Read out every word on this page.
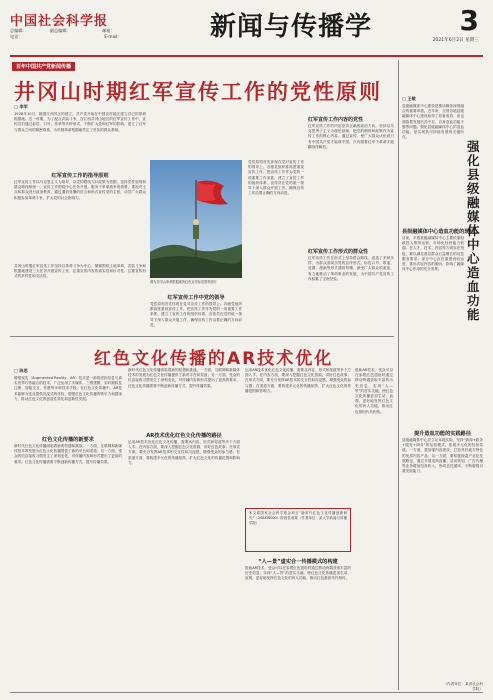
中国社会科学报
总编辑：　　　　　　副总编辑：　　　　　　　　邮箱：
电话：　　　　　　　　　　　　　　　　　　　　E-mail:	新闻与传播学	3
2021年6月2日 星期三
百年中国共产党新闻传播
井冈山时期红军宣传工作的党性原则
□ 李军
1928年10月，随着江西苏区的建立，共产党开始在中国农村地区建立自己的革命根据地。这一时期，为了配合武装斗争，在江西井冈山地区的红军宣传工作中，宣传员们通过标语、口号、传单等多种形式，不断扩大党和红军的影响，建立了红军与群众之间的紧密联系，为巩固革命根据地奠定了坚实的群众基础。
红军宣传工作的指导原则
红军宣传工作以马克思主义为指导，以党的路线方针政策为依据，坚持党性原则和群众路线相统一。宣传工作围绕中心任务开展，服务于革命战争的需要，重视对士兵和群众进行政治教育，通过通俗易懂的语言和形式宣传党的主张，动员广大群众积极参加革命斗争，扩大党的社会影响力。
井冈山时期红军宣传工作坚持以革命斗争为中心，紧紧围绕土地革命、武装斗争和根据地建设三大任务开展宣传工作，注重宣传内容的真实性和针对性，注重宣传形式的多样性和灵活性。
图为井冈山革命根据地的红色宣传标语资料照片
党性原则首先体现在党对宣传工作的领导上。各级党组织都高度重视宣传工作，把宣传工作作为党的一项重要工作来抓，建立了宣传工作的组织体系，宣传员在党的统一领导下深入群众开展工作，确保宣传工作沿着正确的方向前进。
红军宣传工作中党的领导
党性原则首先体现在党对宣传工作的领导上。各级党组织都高度重视宣传工作，把宣传工作作为党的一项重要工作来抓，建立了宣传工作的组织体系，宣传员在党的统一领导下深入群众开展工作，确保宣传工作沿着正确的方向前进。
红军宣传工作内容的党性
红军宣传工作的内容坚持正确的政治方向，坚持以马克思列宁主义为理论基础，把党的纲领和政策作为宣传工作的核心内容。通过宣传，使广大群众认识到只有中国共产党才能救中国，只有跟着红军干革命才能翻身得解放。
红军宣传工作形式的群众性
红军宣传工作在形式上坚持群众路线，创造了多种多样、为群众喜闻乐见的宣传形式。标语口号、歌谣、戏剧、漫画等形式通俗易懂，深受广大群众的欢迎，有力地推动了革命事业的发展，为中国共产党宣传工作积累了宝贵经验。
红色文化传播的AR技术优化
□ 陈思
增强现实（Augmented Reality，AR）技术是一种将虚拟信息与真实世界巧妙融合的技术，广泛运用了多媒体、三维建模、实时跟踪及注册、智能交互、传感等多种技术手段。在红色文化传播中，AR技术能够为受众提供沉浸式的体验，增强红色文化传播的吸引力和感染力，推动红色文化的创造性转化和创新性发展。
红色文化传播的新要求
新时代红色文化传播面临着新的机遇和挑战。一方面，互联网和新媒体技术的发展为红色文化传播提供了新的平台和渠道；另一方面，受众的信息接收习惯发生了深刻变化，对传播内容和形式提出了更高的要求。红色文化传播需要不断创新传播方式，提升传播效果。
新时代红色文化传播面临着新的机遇和挑战。一方面，互联网和新媒体技术的发展为红色文化传播提供了新的平台和渠道；另一方面，受众的信息接收习惯发生了深刻变化，对传播内容和形式提出了更高的要求。红色文化传播需要不断创新传播方式，提升传播效果。
AR技术优化红色文化传播的路径
运用AR技术优化红色文化传播，需要从内容、形式和渠道等多个方面入手。在内容方面，要深入挖掘红色文化资源，讲好红色故事；在形式方面，要充分发挥AR技术的交互性和沉浸感，增强受众的参与感；在渠道方面，要构建多元化的传播矩阵，扩大红色文化的传播范围和影响力。
运用AR技术优化红色文化传播，需要从内容、形式和渠道等多个方面入手。在内容方面，要深入挖掘红色文化资源，讲好红色故事；在形式方面，要充分发挥AR技术的交互性和沉浸感，增强受众的参与感；在渠道方面，要构建多元化的传播矩阵，扩大红色文化的传播范围和影响力。
本文系国家社会科学基金项目“新时代红色文化传播创新研究”（20BXW000）阶段性成果（作者单位：某大学新闻与传播学院）
“人—景”虚实合一传播模式的构建
借助AR技术，受众可以在参观红色遗址时通过移动终端获取丰富的历史信息，实现“人—景”的虚实交融，使红色文化传播更加生动、直观，更好地发挥红色文化的育人功能，推动红色基因代代相传。
借助AR技术，受众可以在参观红色遗址时通过移动终端获取丰富的历史信息，实现“人—景”的虚实交融，使红色文化传播更加生动、直观，更好地发挥红色文化的育人功能，推动红色基因代代相传。
强化县级融媒体中心造血功能
□ 王敏
县级融媒体中心建设是推动媒体深度融合的重要举措。近年来，全国各地县级融媒体中心建设取得了显著成效，但也面临着发展后劲不足、自身造血功能不强等问题。强化县级融媒体中心的造血功能，是实现其可持续发展的关键所在。
县级融媒体中心造血功能的现状
目前，多数县级融媒体中心主要依靠财政投入维持运营，市场化经营能力较弱。在人才、技术、内容等方面存在短板，难以满足基层群众日益增长的信息服务需求。部分中心存在重建设轻运营、重形式轻内容的倾向，影响了融媒体中心作用的充分发挥。
提升造血功能的实践路径
县级融媒体中心应立足本地实际，坚持“新闻+政务+服务+商务”的运营模式，拓展多元化的经营渠道。一方面，要加强内容建设，打造具有地方特色的优质内容产品；另一方面，要积极探索产业化发展路径，通过开展电商直播、活动策划、广告代理等业务增加经营收入，形成良性循环，不断增强自我发展能力。
（作者单位：某省社会科学院）
